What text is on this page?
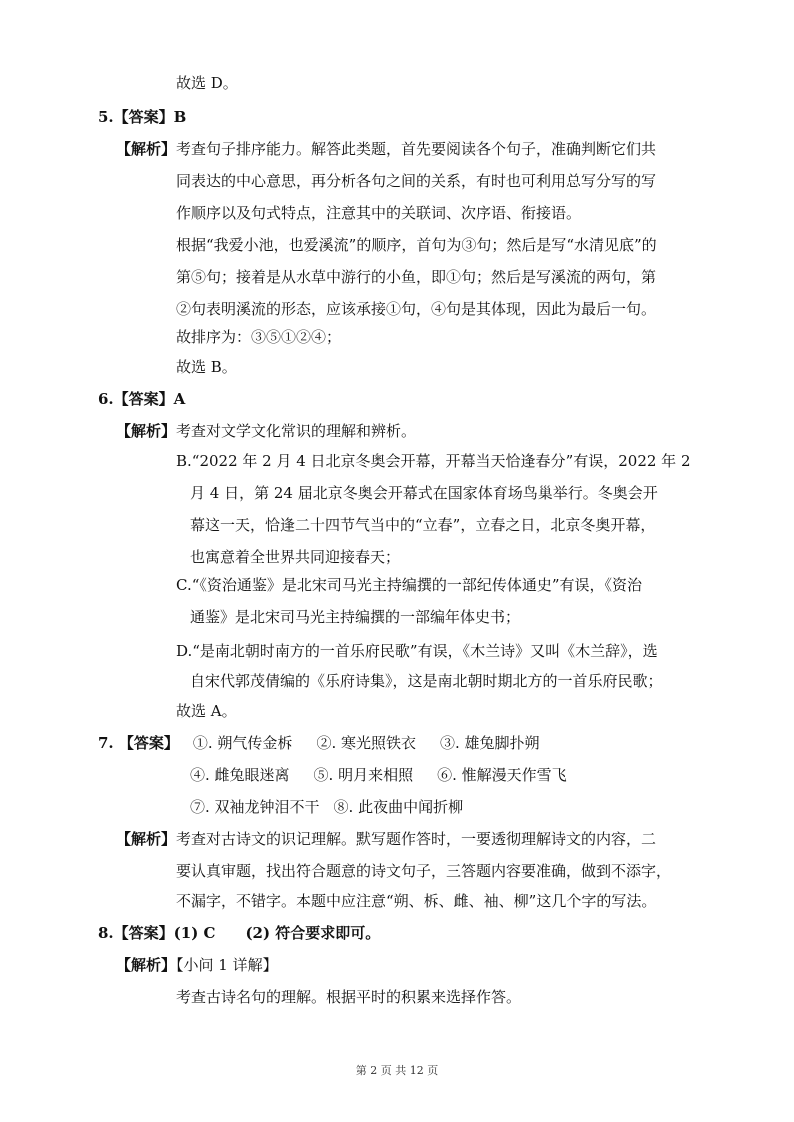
故选 D。
5.【答案】B
【解析】考查句子排序能力。解答此类题，首先要阅读各个句子，准确判断它们共
同表达的中心意思，再分析各句之间的关系，有时也可利用总写分写的写
作顺序以及句式特点，注意其中的关联词、次序语、衔接语。
根据“我爱小池，也爱溪流”的顺序，首句为③句；然后是写“水清见底”的
第⑤句；接着是从水草中游行的小鱼，即①句；然后是写溪流的两句，第
②句表明溪流的形态，应该承接①句，④句是其体现，因此为最后一句。
故排序为：③⑤①②④；
故选 B。
6.【答案】A
【解析】考查对文学文化常识的理解和辨析。
B.“2022 年 2 月 4 日北京冬奥会开幕，开幕当天恰逢春分”有误，2022 年 2
月 4 日，第 24 届北京冬奥会开幕式在国家体育场鸟巢举行。冬奥会开
幕这一天，恰逢二十四节气当中的“立春”，立春之日，北京冬奥开幕，
也寓意着全世界共同迎接春天；
C.“《资治通鉴》是北宋司马光主持编撰的一部纪传体通史”有误，《资治
通鉴》是北宋司马光主持编撰的一部编年体史书；
D.“是南北朝时南方的一首乐府民歌”有误，《木兰诗》又叫《木兰辞》，选
自宋代郭茂倩编的《乐府诗集》，这是南北朝时期北方的一首乐府民歌；
故选 A。
7. 【答案】 ①. 朔气传金柝 ②. 寒光照铁衣 ③. 雄兔脚扑朔
④. 雌兔眼迷离 ⑤. 明月来相照 ⑥. 惟解漫天作雪飞
⑦. 双袖龙钟泪不干 ⑧. 此夜曲中闻折柳
【解析】考查对古诗文的识记理解。默写题作答时，一要透彻理解诗文的内容，二
要认真审题，找出符合题意的诗文句子，三答题内容要准确，做到不添字，
不漏字，不错字。本题中应注意“朔、柝、雌、袖、柳”这几个字的写法。
8.【答案】(1) C　　(2) 符合要求即可。
【解析】【小问 1 详解】
考查古诗名句的理解。根据平时的积累来选择作答。
第 2 页 共 12 页
